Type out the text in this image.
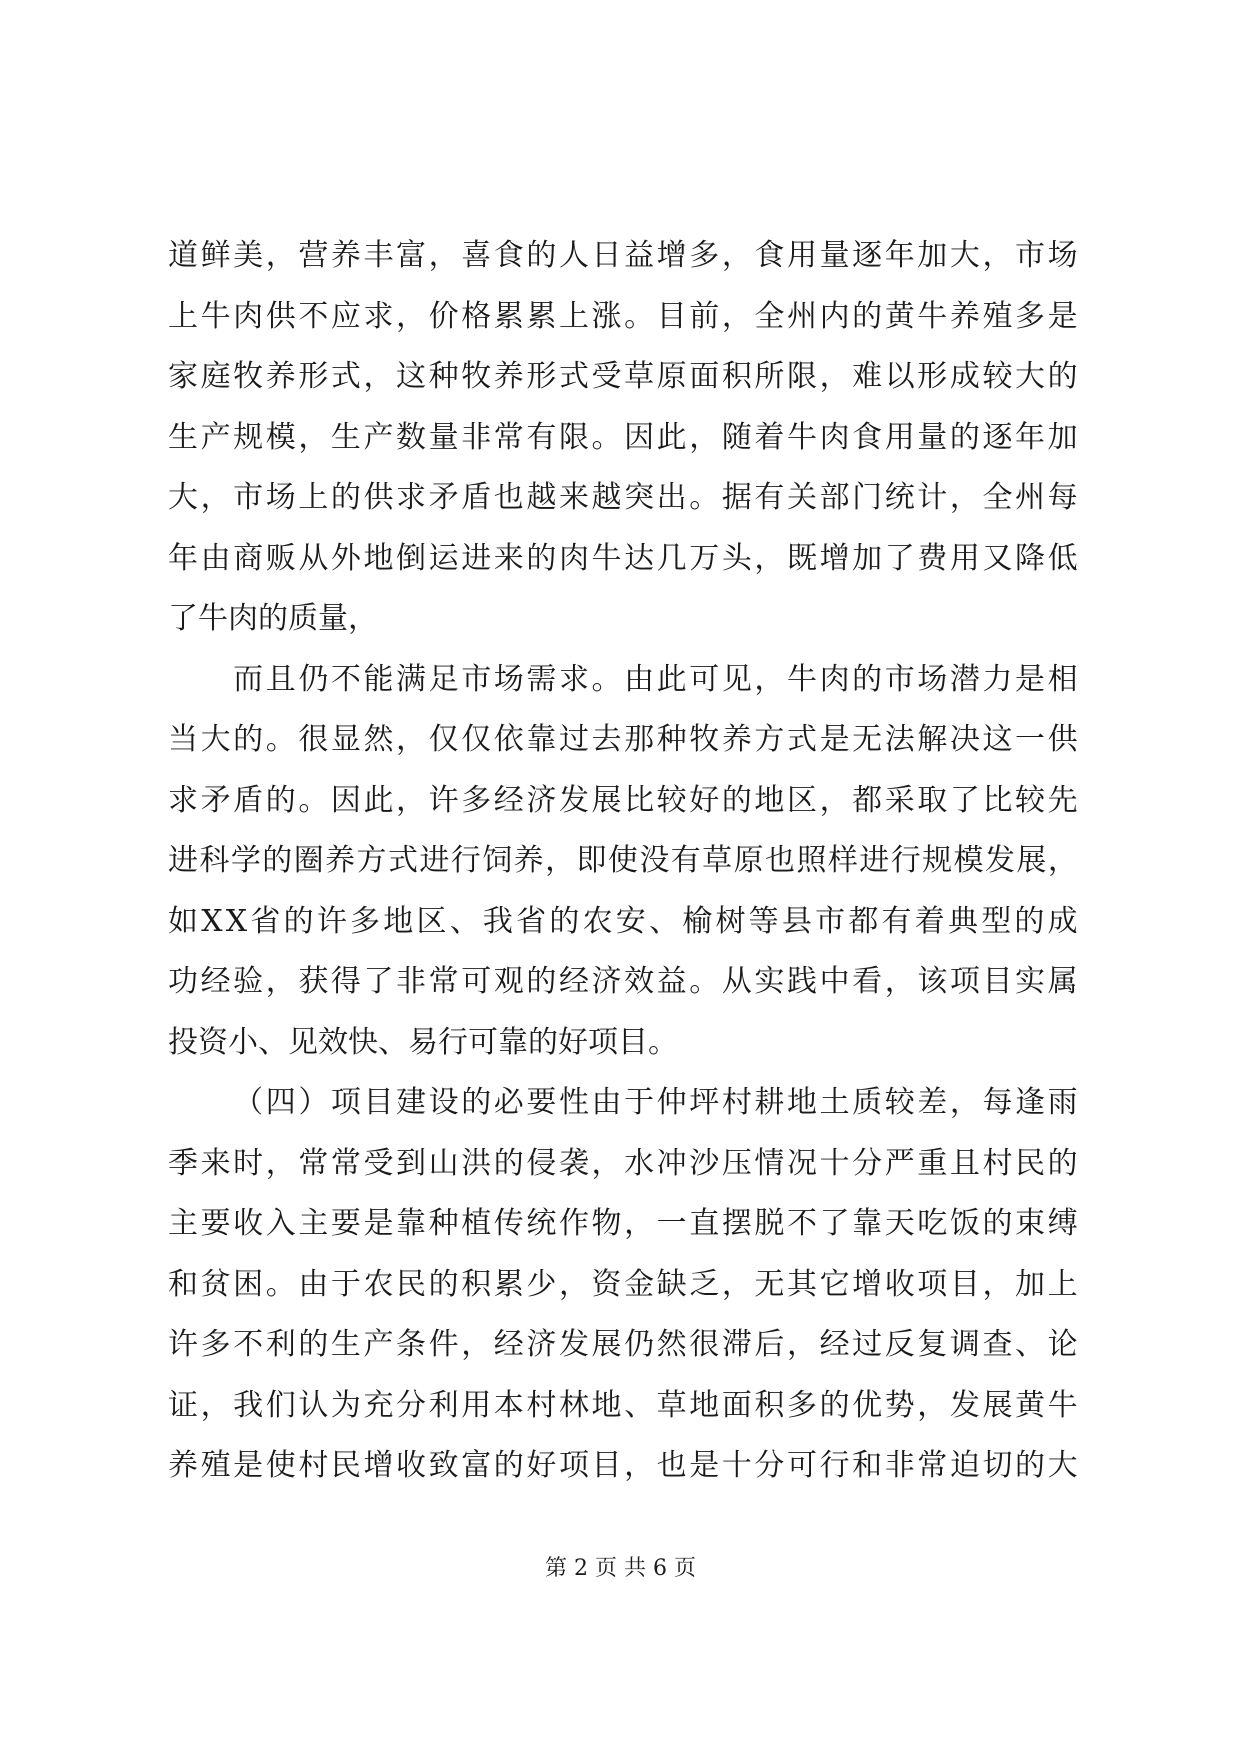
道 鲜 美 ， 营 养 丰 富 ， 喜 食 的 人 日 益 增 多 ， 食 用 量 逐 年 加 大 ， 市 场
上 牛 肉 供 不 应 求 ， 价 格 累 累 上 涨 。 目 前 ， 全 州 内 的 黄 牛 养 殖 多 是
家 庭 牧 养 形 式 ， 这 种 牧 养 形 式 受 草 原 面 积 所 限 ， 难 以 形 成 较 大 的
生 产 规 模 ， 生 产 数 量 非 常 有 限 。 因 此 ， 随 着 牛 肉 食 用 量 的 逐 年 加
大 ， 市 场 上 的 供 求 矛 盾 也 越 来 越 突 出 。 据 有 关 部 门 统 计 ， 全 州 每
年 由 商 贩 从 外 地 倒 运 进 来 的 肉 牛 达 几 万 头 ， 既 增 加 了 费 用 又 降 低
了牛肉的质量，

而 且 仍 不 能 满 足 市 场 需 求 。 由 此 可 见 ， 牛 肉 的 市 场 潜 力 是 相
当 大 的 。 很 显 然 ， 仅 仅 依 靠 过 去 那 种 牧 养 方 式 是 无 法 解 决 这 一 供
求 矛 盾 的 。 因 此 ， 许 多 经 济 发 展 比 较 好 的 地 区 ， 都 采 取 了 比 较 先
进 科 学 的 圈 养 方 式 进 行 饲 养 ， 即 使 没 有 草 原 也 照 样 进 行 规 模 发 展 ，
如 X X 省 的 许 多 地 区 、 我 省 的 农 安 、 榆 树 等 县 市 都 有 着 典 型 的 成
功 经 验 ， 获 得 了 非 常 可 观 的 经 济 效 益 。 从 实 践 中 看 ， 该 项 目 实 属
投资小、见效快、易行可靠的好项目。

（ 四 ） 项 目 建 设 的 必 要 性 由 于 仲 坪 村 耕 地 土 质 较 差 ， 每 逢 雨
季 来 时 ， 常 常 受 到 山 洪 的 侵 袭 ， 水 冲 沙 压 情 况 十 分 严 重 且 村 民 的
主 要 收 入 主 要 是 靠 种 植 传 统 作 物 ， 一 直 摆 脱 不 了 靠 天 吃 饭 的 束 缚
和 贫 困 。 由 于 农 民 的 积 累 少 ， 资 金 缺 乏 ， 无 其 它 增 收 项 目 ， 加 上
许 多 不 利 的 生 产 条 件 ， 经 济 发 展 仍 然 很 滞 后 ， 经 过 反 复 调 查 、 论
证 ， 我 们 认 为 充 分 利 用 本 村 林 地 、 草 地 面 积 多 的 优 势 ， 发 展 黄 牛
养 殖 是 使 村 民 增 收 致 富 的 好 项 目 ， 也 是 十 分 可 行 和 非 常 迫 切 的 大
第 2 页 共 6 页
